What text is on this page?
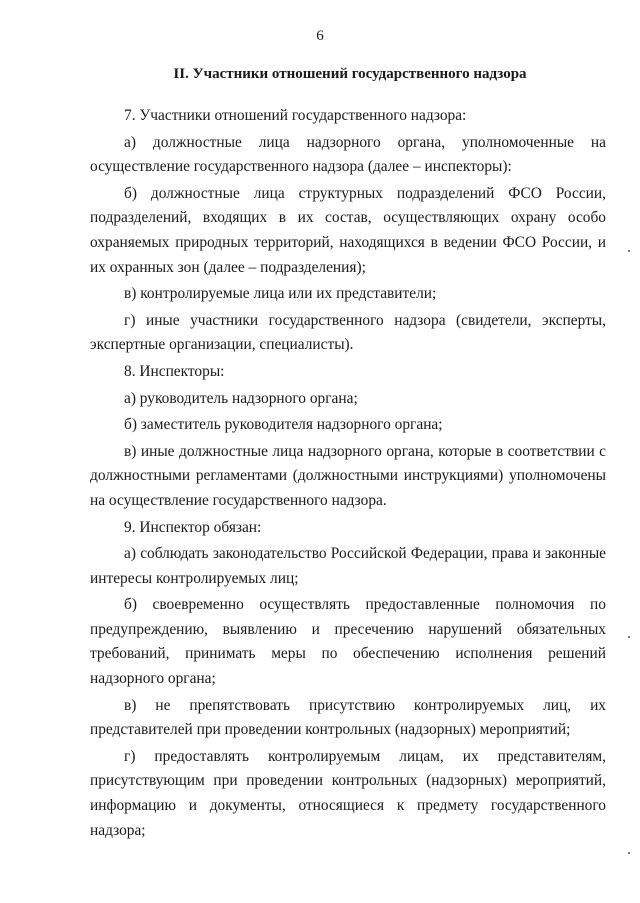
6
II. Участники отношений государственного надзора

7. Участники отношений государственного надзора:

а) должностные лица надзорного органа, уполномоченные на осуществление государственного надзора (далее – инспекторы):

б) должностные лица структурных подразделений ФСО России, подразделений, входящих в их состав, осуществляющих охрану особо охраняемых природных территорий, находящихся в ведении ФСО России, и их охранных зон (далее – подразделения);

в) контролируемые лица или их представители;

г) иные участники государственного надзора (свидетели, эксперты, экспертные организации, специалисты).

8. Инспекторы:

а) руководитель надзорного органа;

б) заместитель руководителя надзорного органа;

в) иные должностные лица надзорного органа, которые в соответствии с должностными регламентами (должностными инструкциями) уполномочены на осуществление государственного надзора.

9. Инспектор обязан:

а) соблюдать законодательство Российской Федерации, права и законные интересы контролируемых лиц;

б) своевременно осуществлять предоставленные полномочия по предупреждению, выявлению и пресечению нарушений обязательных требований, принимать меры по обеспечению исполнения решений надзорного органа;

в) не препятствовать присутствию контролируемых лиц, их представителей при проведении контрольных (надзорных) мероприятий;

г) предоставлять контролируемым лицам, их представителям, присутствующим при проведении контрольных (надзорных) мероприятий, информацию и документы, относящиеся к предмету государственного надзора;
